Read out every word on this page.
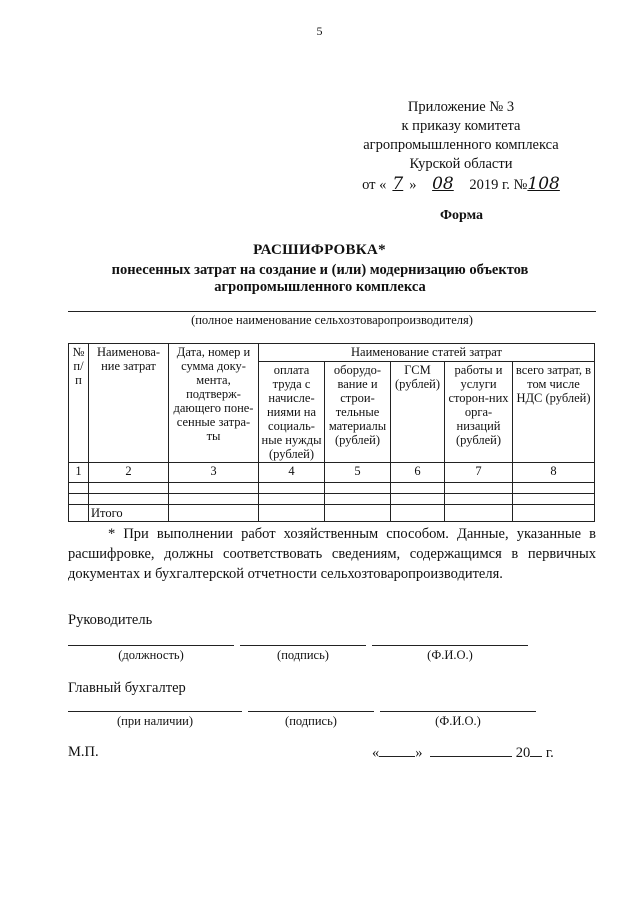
5
Приложение № 3
к приказу комитета
агропромышленного комплекса
Курской области
от « 7 » 08 2019 г. №108
Форма
РАСШИФРОВКА*
понесенных затрат на создание и (или) модернизацию объектов
агропромышленного комплекса
(полное наименование сельхозтоваропроизводителя)
№ п/п	Наименова-ние затрат	Дата, номер и сумма доку-мента, подтверж-дающего поне-сенные затра-ты	Наименование статей затрат				
			оплата труда с начисле-ниями на социаль-ные нужды (рублей)	оборудо-вание и строи-тельные материалы (рублей)	ГСМ (рублей)	работы и услуги сторон-них орга-низаций (рублей)	всего затрат, в том числе НДС (рублей)
1	2	3	4	5	6	7	8

	Итого						
* При выполнении работ хозяйственным способом. Данные, указанные в расшифровке, должны соответствовать сведениям, содержащимся в первичных документах и бухгалтерской отчетности сельхозтоваропроизводителя.
Руководитель
(должность)	(подпись)	(Ф.И.О.)
Главный бухгалтер
(при наличии)	(подпись)	(Ф.И.О.)
М.П.	« »	20 г.
